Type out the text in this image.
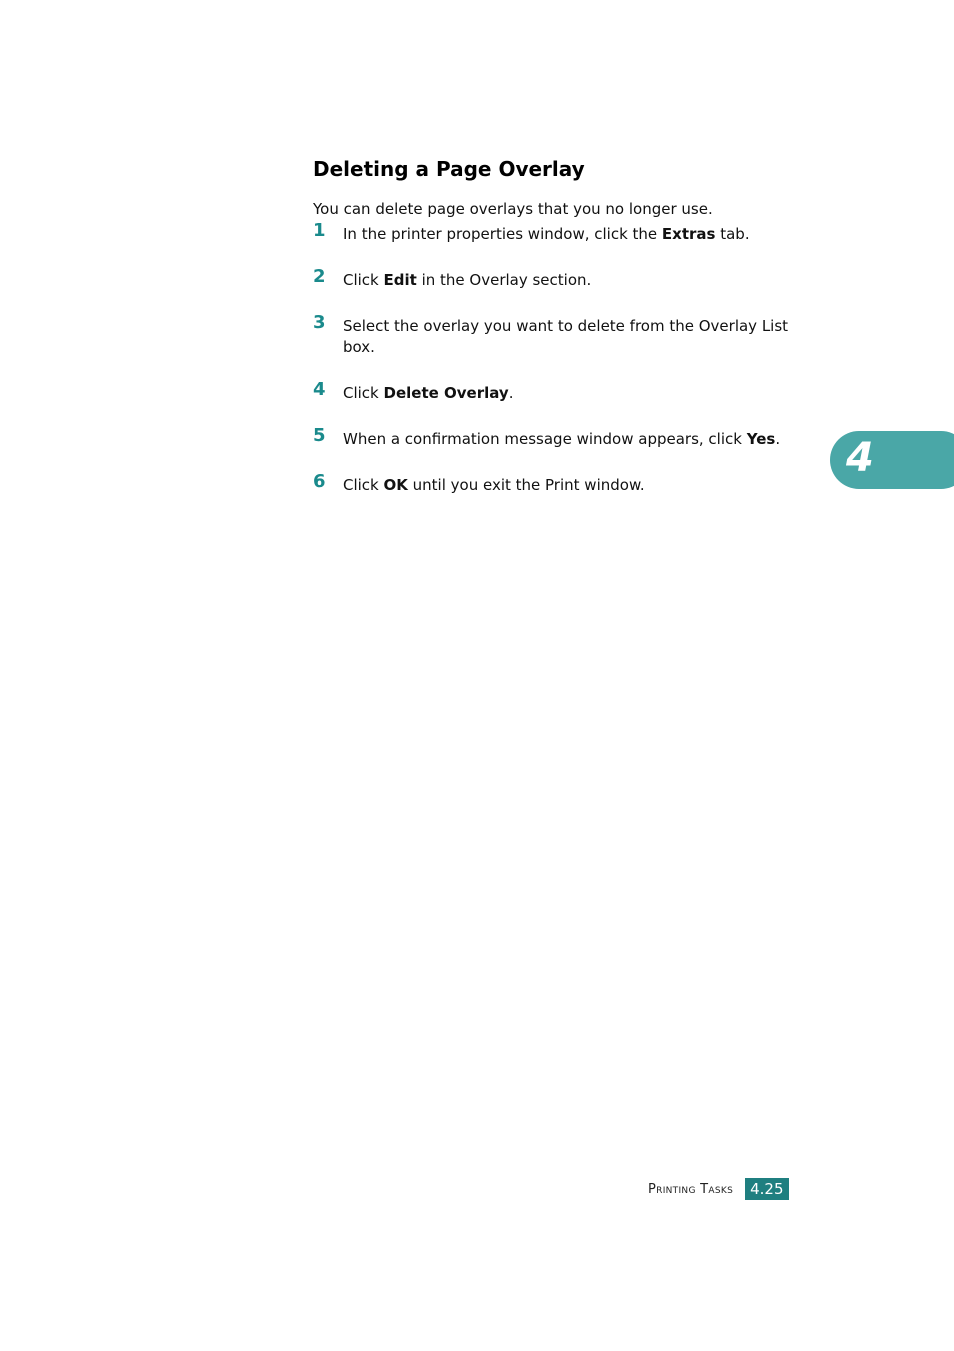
Deleting a Page Overlay

You can delete page overlays that you no longer use.

1 In the printer properties window, click the Extras tab.
2 Click Edit in the Overlay section.
3 Select the overlay you want to delete from the Overlay List box.
4 Click Delete Overlay.
5 When a confirmation message window appears, click Yes.
6 Click OK until you exit the Print window.
4
Printing Tasks	4.25
